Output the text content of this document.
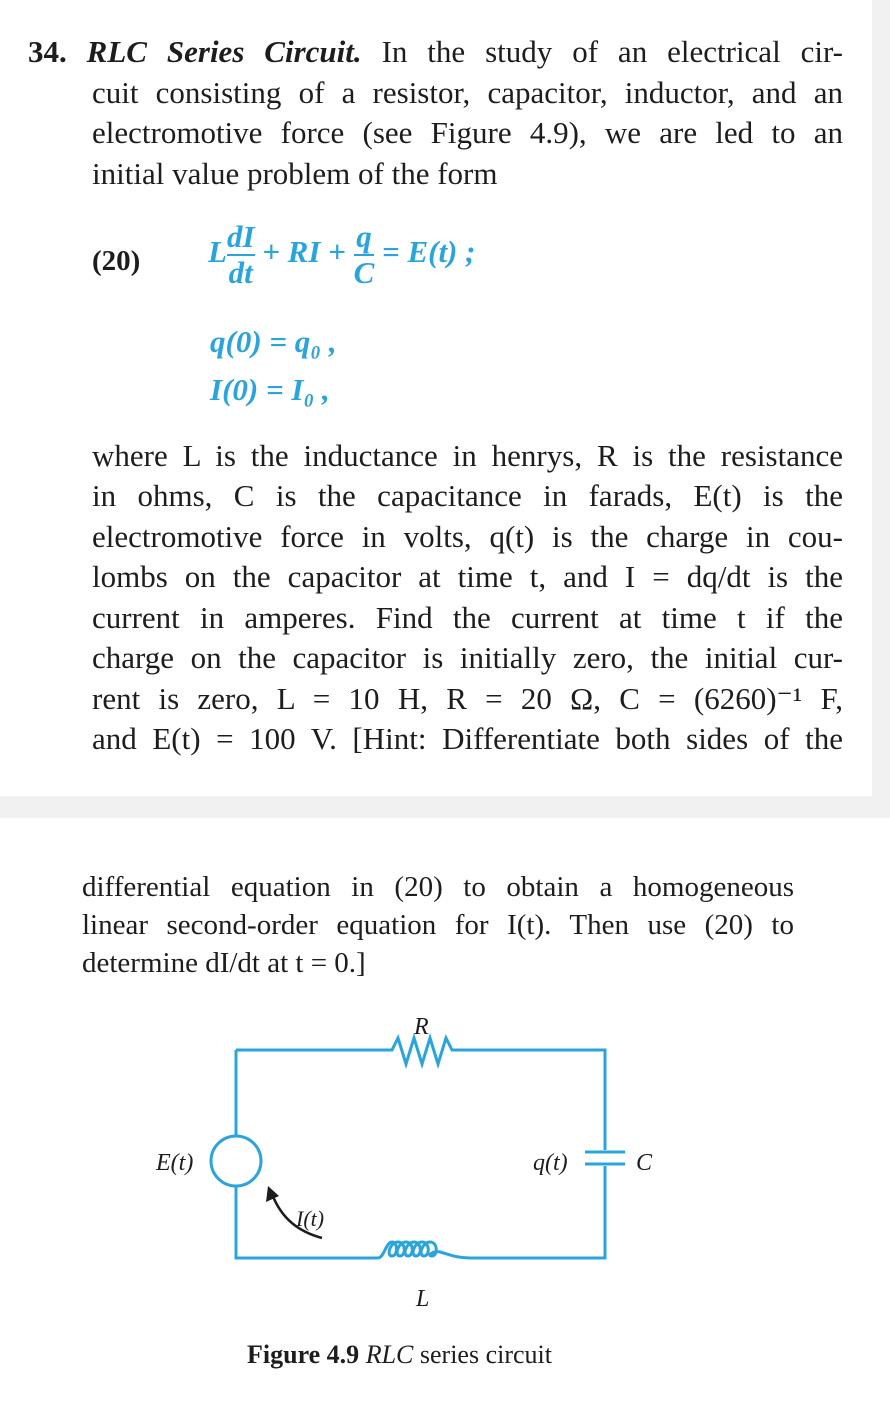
34. RLC Series Circuit. In the study of an electrical cir-
cuit consisting of a resistor, capacitor, inductor, and an
electromotive force (see Figure 4.9), we are led to an
initial value problem of the form
(20) L $\frac{dI}{dt}$ + RI + $\frac{q}{C} = E(t)$ ;
q(0) = q₀ ,
I(0) = I₀ ,
where L is the inductance in henrys, R is the resistance
in ohms, C is the capacitance in farads, E(t) is the
electromotive force in volts, q(t) is the charge in cou-
lombs on the capacitor at time t, and I = dq/dt is the
current in amperes. Find the current at time t if the
charge on the capacitor is initially zero, the initial cur-
rent is zero, L = 10 H, R = 20 Ω, C = (6260)⁻¹ F,
and E(t) = 100 V. [Hint: Differentiate both sides of the
differential equation in (20) to obtain a homogeneous
linear second-order equation for I(t). Then use (20) to
determine dI/dt at t = 0.]
R
E(t)
I(t)
q(t)	C
L
Figure 4.9 RLC series circuit
